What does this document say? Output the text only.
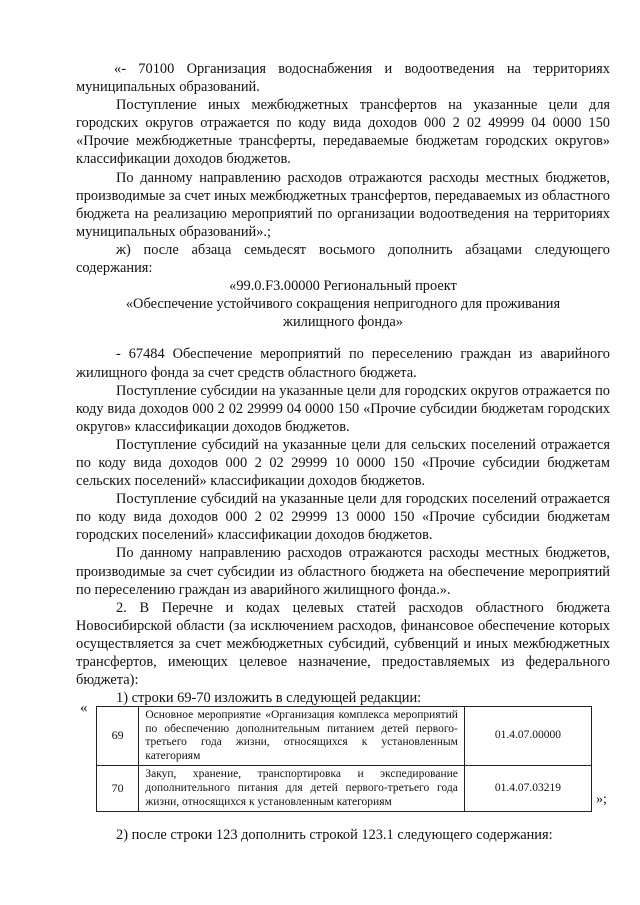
«- 70100 Организация водоснабжения и водоотведения на территориях муниципальных образований.

Поступление иных межбюджетных трансфертов на указанные цели для городских округов отражается по коду вида доходов 000 2 02 49999 04 0000 150 «Прочие межбюджетные трансферты, передаваемые бюджетам городских округов» классификации доходов бюджетов.

По данному направлению расходов отражаются расходы местных бюджетов, производимые за счет иных межбюджетных трансфертов, передаваемых из областного бюджета на реализацию мероприятий по организации водоотведения на территориях муниципальных образований».;

ж) после абзаца семьдесят восьмого дополнить абзацами следующего содержания:

«99.0.F3.00000 Региональный проект

«Обеспечение устойчивого сокращения непригодного для проживания жилищного фонда»

- 67484 Обеспечение мероприятий по переселению граждан из аварийного жилищного фонда за счет средств областного бюджета.

Поступление субсидии на указанные цели для городских округов отражается по коду вида доходов 000 2 02 29999 04 0000 150 «Прочие субсидии бюджетам городских округов» классификации доходов бюджетов.

Поступление субсидий на указанные цели для сельских поселений отражается по коду вида доходов 000 2 02 29999 10 0000 150 «Прочие субсидии бюджетам сельских поселений» классификации доходов бюджетов.

Поступление субсидий на указанные цели для городских поселений отражается по коду вида доходов 000 2 02 29999 13 0000 150 «Прочие субсидии бюджетам городских поселений» классификации доходов бюджетов.

По данному направлению расходов отражаются расходы местных бюджетов, производимые за счет субсидии из областного бюджета на обеспечение мероприятий по переселению граждан из аварийного жилищного фонда.».

2. В Перечне и кодах целевых статей расходов областного бюджета Новосибирской области (за исключением расходов, финансовое обеспечение которых осуществляется за счет межбюджетных субсидий, субвенций и иных межбюджетных трансфертов, имеющих целевое назначение, предоставляемых из федерального бюджета):

1) строки 69-70 изложить в следующей редакции:

«
69	Основное мероприятие «Организация комплекса мероприятий по обеспечению дополнительным питанием детей первого-третьего года жизни, относящихся к установленным категориям	01.4.07.00000
70	Закуп, хранение, транспортировка и экспедирование дополнительного питания для детей первого-третьего года жизни, относящихся к установленным категориям	01.4.07.03219
»;
2) после строки 123 дополнить строкой 123.1 следующего содержания:
